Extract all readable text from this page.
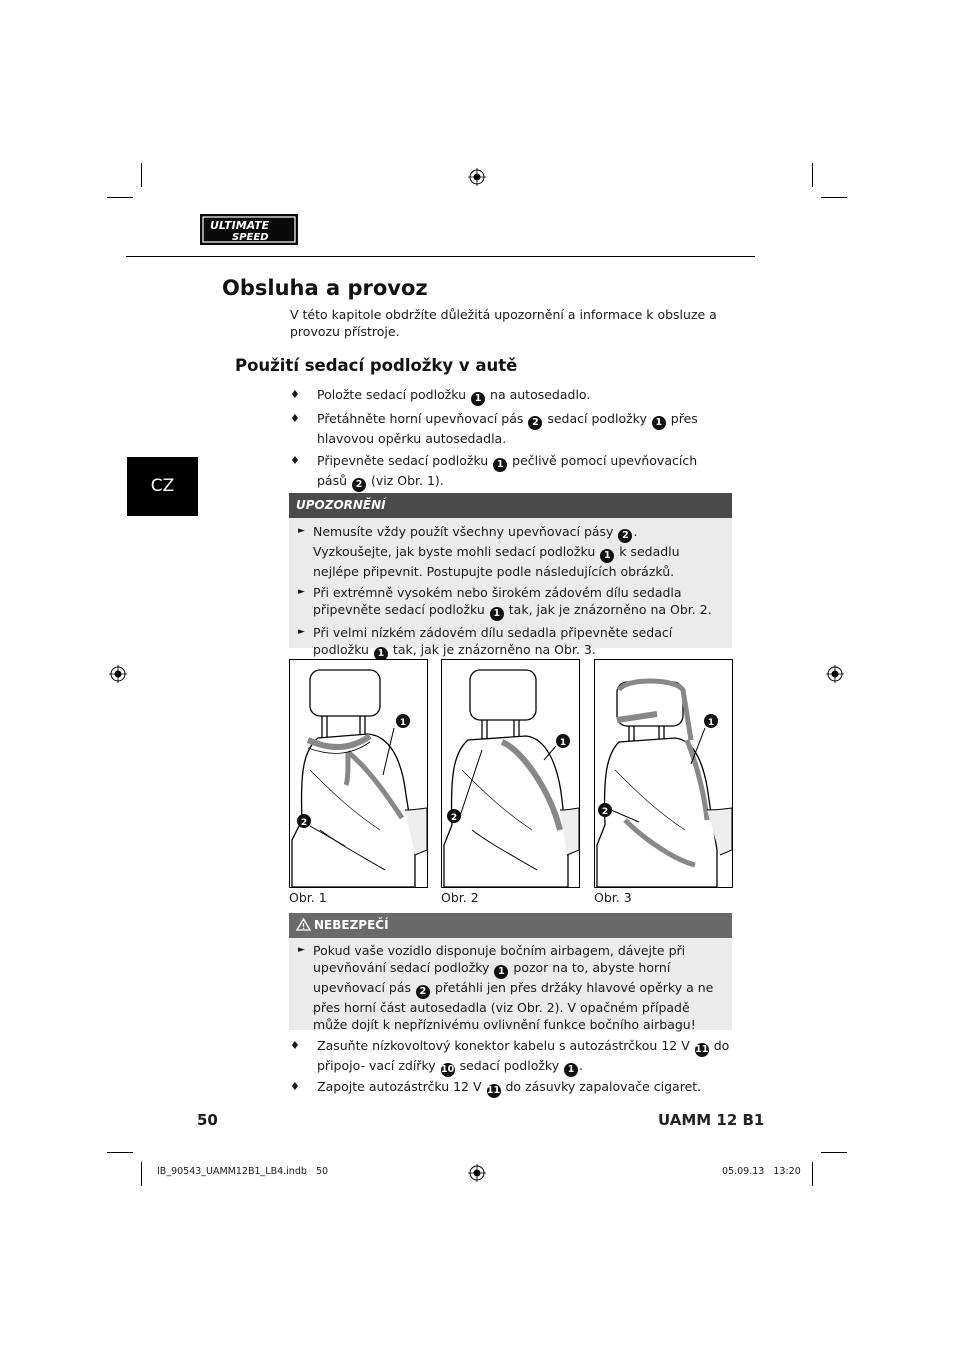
ULTIMATE
SPEED
Obsluha a provoz
V této kapitole obdržíte důležitá upozornění a informace k obsluze a provozu přístroje.
Použití sedací podložky v autě
CZ
♦ Položte sedací podložku 1 na autosedadlo.
♦ Přetáhněte horní upevňovací pás 2 sedací podložky 1 přes hlavovou opěrku autosedadla.
♦ Připevněte sedací podložku 1 pečlivě pomocí upevňovacích pásů 2 (viz Obr. 1).
UPOZORNĚNÍ
► Nemusíte vždy použít všechny upevňovací pásy 2 .
Vyzkoušejte, jak byste mohli sedací podložku 1 k sedadlu nejlépe připevnit. Postupujte podle následujících obrázků.
► Při extrémně vysokém nebo širokém zádovém dílu sedadla připevněte sedací podložku 1 tak, jak je znázorněno na Obr. 2.
► Při velmi nízkém zádovém dílu sedadla připevněte sedací podložku 1 tak, jak je znázorněno na Obr. 3.
1
2
1
2
1
2
Obr. 1	Obr. 2	Obr. 3
NEBEZPEČÍ
► Pokud vaše vozidlo disponuje bočním airbagem, dávejte při upevňování sedací podložky 1 pozor na to, abyste horní upevňovací pás 2 přetáhli jen přes držáky hlavové opěrky a ne přes horní část autosedadla (viz Obr. 2). V opačném případě může dojít k nepříznivému ovlivnění funkce bočního airbagu!
♦ Zasuňte nízkovoltový konektor kabelu s autozástrčkou 12 V 11 do připojo- vací zdířky 10 sedací podložky 1 .
♦ Zapojte autozástrčku 12 V 11 do zásuvky zapalovače cigaret.
50	UAMM 12 B1
IB_90543_UAMM12B1_LB4.indb   50	05.09.13   13:20
